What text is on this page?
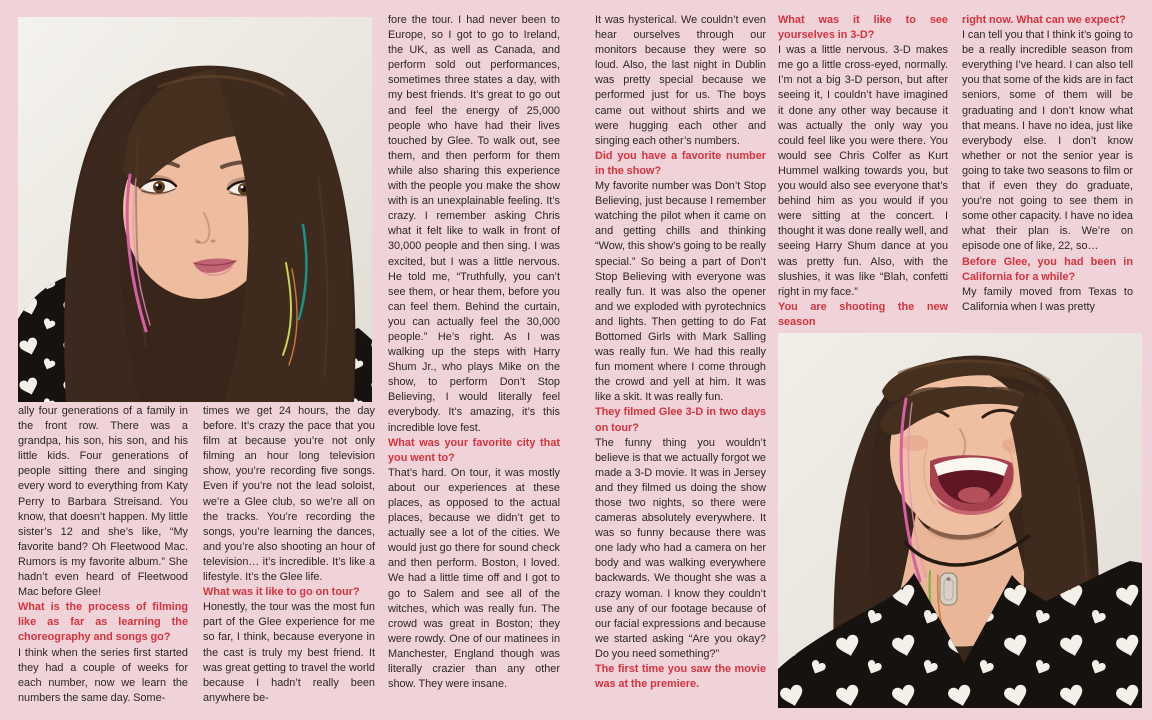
ally four generations of a family in the front row. There was a grandpa, his son, his son, and his little kids. Four generations of people sitting there and singing every word to everything from Katy Perry to Barbara Streisand. You know, that doesn’t happen. My little sister’s 12 and she’s like, “My favorite band? Oh Fleetwood Mac. Rumors is my favorite album.” She hadn’t even heard of Fleetwood Mac before Glee!

What is the process of filming like as far as learning the choreography and songs go?

I think when the series first started they had a couple of weeks for each number, now we learn the numbers the same day. Some-

times we get 24 hours, the day before. It’s crazy the pace that you film at because you’re not only filming an hour long television show, you’re recording five songs. Even if you’re not the lead soloist, we’re a Glee club, so we’re all on the tracks. You’re recording the songs, you’re learning the dances, and you’re also shooting an hour of television… it’s incredible. It’s like a lifestyle. It’s the Glee life.

What was it like to go on tour?

Honestly, the tour was the most fun part of the Glee experience for me so far, I think, because everyone in the cast is truly my best friend. It was great getting to travel the world because I hadn’t really been anywhere be-

fore the tour. I had never been to Europe, so I got to go to Ireland, the UK, as well as Canada, and perform sold out performances, sometimes three states a day, with my best friends. It’s great to go out and feel the energy of 25,000 people who have had their lives touched by Glee. To walk out, see them, and then perform for them while also sharing this experience with the people you make the show with is an unexplainable feeling. It’s crazy. I remember asking Chris what it felt like to walk in front of 30,000 people and then sing. I was excited, but I was a little nervous. He told me, “Truthfully, you can’t see them, or hear them, before you can feel them. Behind the curtain, you can actually feel the 30,000 people.” He’s right. As I was walking up the steps with Harry Shum Jr., who plays Mike on the show, to perform Don’t Stop Believing, I would literally feel everybody. It’s amazing, it’s this incredible love fest.

What was your favorite city that you went to?

That’s hard. On tour, it was mostly about our experiences at these places, as opposed to the actual places, because we didn’t get to actually see a lot of the cities. We would just go there for sound check and then perform. Boston, I loved. We had a little time off and I got to go to Salem and see all of the witches, which was really fun. The crowd was great in Boston; they were rowdy. One of our matinees in Manchester, England though was literally crazier than any other show. They were insane.

It was hysterical. We couldn’t even hear ourselves through our monitors because they were so loud. Also, the last night in Dublin was pretty special because we performed just for us. The boys came out without shirts and we were hugging each other and singing each other’s numbers.

Did you have a favorite number in the show?

My favorite number was Don’t Stop Believing, just because I remember watching the pilot when it came on and getting chills and thinking “Wow, this show’s going to be really special.” So being a part of Don’t Stop Believing with everyone was really fun. It was also the opener and we exploded with pyrotechnics and lights. Then getting to do Fat Bottomed Girls with Mark Salling was really fun. We had this really fun moment where I come through the crowd and yell at him. It was like a skit. It was really fun.

They filmed Glee 3-D in two days on tour?

The funny thing you wouldn’t believe is that we actually forgot we made a 3-D movie. It was in Jersey and they filmed us doing the show those two nights, so there were cameras absolutely everywhere. It was so funny because there was one lady who had a camera on her body and was walking everywhere backwards. We thought she was a crazy woman. I know they couldn’t use any of our footage because of our facial expressions and because we started asking “Are you okay? Do you need something?”

The first time you saw the movie was at the premiere.

What was it like to see yourselves in 3-D?

I was a little nervous. 3-D makes me go a little cross-eyed, normally. I’m not a big 3-D person, but after seeing it, I couldn’t have imagined it done any other way because it was actually the only way you could feel like you were there. You would see Chris Colfer as Kurt Hummel walking towards you, but you would also see everyone that’s behind him as you would if you were sitting at the concert. I thought it was done really well, and seeing Harry Shum dance at you was pretty fun. Also, with the slushies, it was like “Blah, confetti right in my face.”

You are shooting the new season

right now. What can we expect?

I can tell you that I think it’s going to be a really incredible season from everything I’ve heard. I can also tell you that some of the kids are in fact seniors, some of them will be graduating and I don’t know what that means. I have no idea, just like everybody else. I don’t know whether or not the senior year is going to take two seasons to film or that if even they do graduate, you’re not going to see them in some other capacity. I have no idea what their plan is. We’re on episode one of like, 22, so…

Before Glee, you had been in California for a while?

My family moved from Texas to California when I was pretty
